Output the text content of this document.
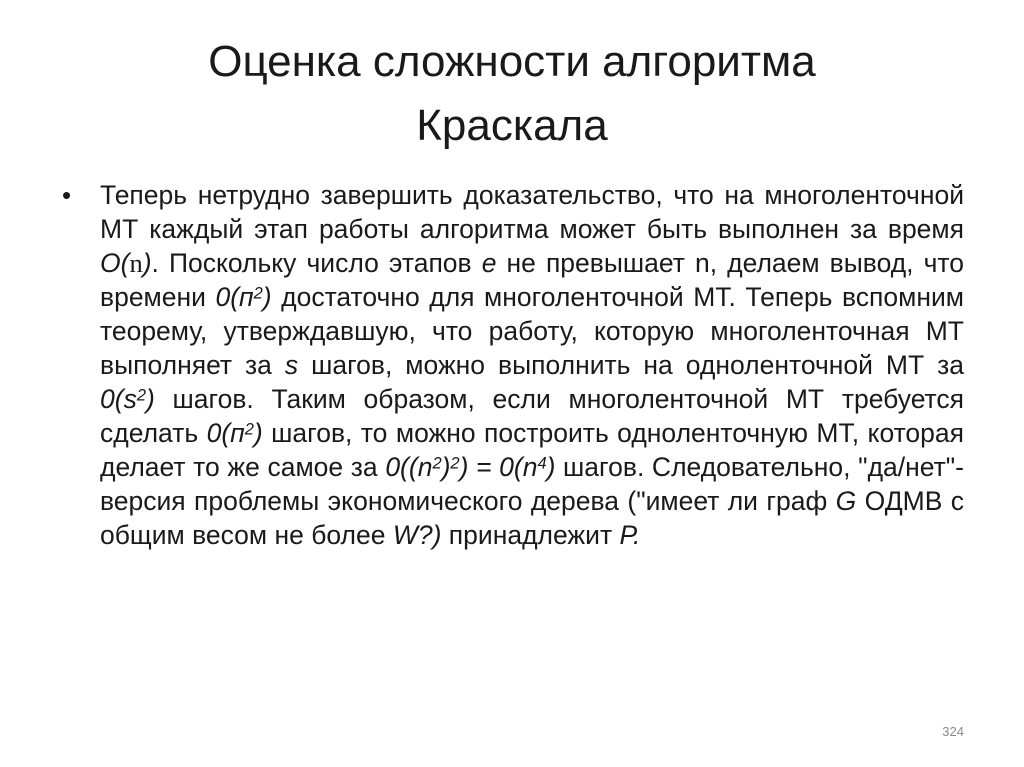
Оценка сложности алгоритма
Краскала
• Теперь нетрудно завершить доказательство, что на многоленточной МТ каждый этап работы алгоритма может быть выполнен за время O(n). Поскольку число этапов е не превышает n, делаем вывод, что времени $0(п^2)$ достаточно для многоленточной МТ. Теперь вспомним теорему, утверждавшую, что работу, которую многоленточная МТ выполняет за s шагов, можно выполнить на одноленточной МТ за $0(s^2)$ шагов. Таким образом, если многоленточной МТ требуется сделать $0(п^2)$ шагов, то можно построить одноленточную МТ, которая делает то же самое за $0((n^2)^2) = 0(n^4)$ шагов. Следовательно, "да/нет"-версия проблемы экономического дерева ("имеет ли граф G ОДМВ с общим весом не более W?) принадлежит Р.
324
